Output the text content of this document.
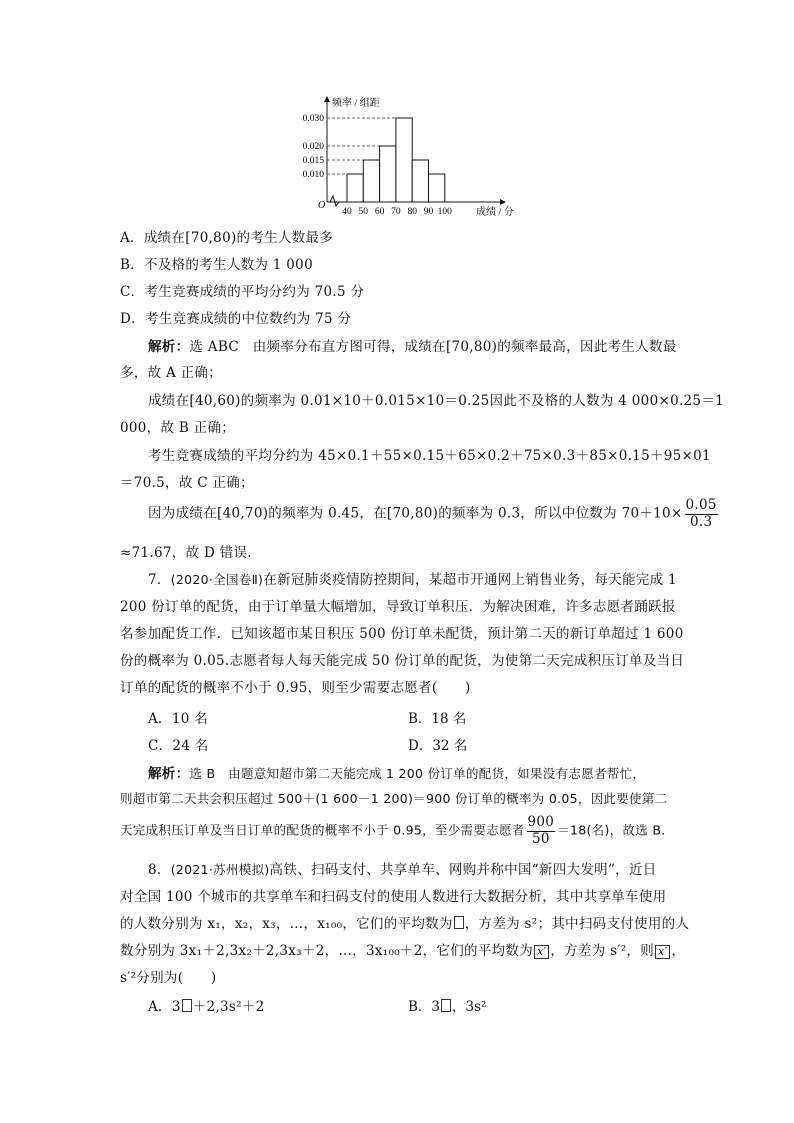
O
0.010
0.015
0.020
0.030
40 50 60 70 80 90 100
频率 / 组距
成绩 / 分
A．成绩在[70,80)的考生人数最多
B．不及格的考生人数为 1 000
C．考生竞赛成绩的平均分约为 70.5 分
D．考生竞赛成绩的中位数约为 75 分
解析：选 ABC　由频率分布直方图可得，成绩在[70,80)的频率最高，因此考生人数最
多，故 A 正确；
成绩在[40,60)的频率为 0.01×10＋0.015×10＝0.25因此不及格的人数为 4 000×0.25＝1
000，故 B 正确；
考生竞赛成绩的平均分约为 45×0.1＋55×0.15＋65×0.2＋75×0.3＋85×0.15＋95×01
＝70.5，故 C 正确；
因为成绩在[40,70)的频率为 0.45，在[70,80)的频率为 0.3，所以中位数为 $70+10\times \frac{0.05}{0.3}$
≈71.67，故 D 错误.
7．(2020·全国卷Ⅱ)在新冠肺炎疫情防控期间，某超市开通网上销售业务，每天能完成 1
200 份订单的配货，由于订单量大幅增加，导致订单积压．为解决困难，许多志愿者踊跃报
名参加配货工作．已知该超市某日积压 500 份订单未配货，预计第二天的新订单超过 1 600
份的概率为 0.05.志愿者每人每天能完成 50 份订单的配货，为使第二天完成积压订单及当日
订单的配货的概率不小于 0.95，则至少需要志愿者(　　)
A．10 名	B．18 名
C．24 名	D．32 名
解析：选 B　由题意知超市第二天能完成 1 200 份订单的配货，如果没有志愿者帮忙，
则超市第二天共会积压超过 500＋(1 600－1 200)＝900 份订单的概率为 0.05，因此要使第二
天完成积压订单及当日订单的配货的概率不小于 0.95，至少需要志愿者 $\frac{900}{50} =18$(名)，故选 B.
8．(2021·苏州模拟)高铁、扫码支付、共享单车、网购并称中国“新四大发明”，近日
对全国 100 个城市的共享单车和扫码支付的使用人数进行大数据分析，其中共享单车使用
的人数分别为 x₁，x₂，x₃，…，x₁₀₀，它们的平均数为 ，方差为 s²；其中扫码支付使用的人
数分别为 3x₁＋2,3x₂＋2,3x₃＋2，…，3x₁₀₀＋2，它们的平均数为 x′ ，方差为 s′²，则 x′ ，
s′²分别为(　　)
A．3 ＋2,3s²＋2	B．3 ，3s²
